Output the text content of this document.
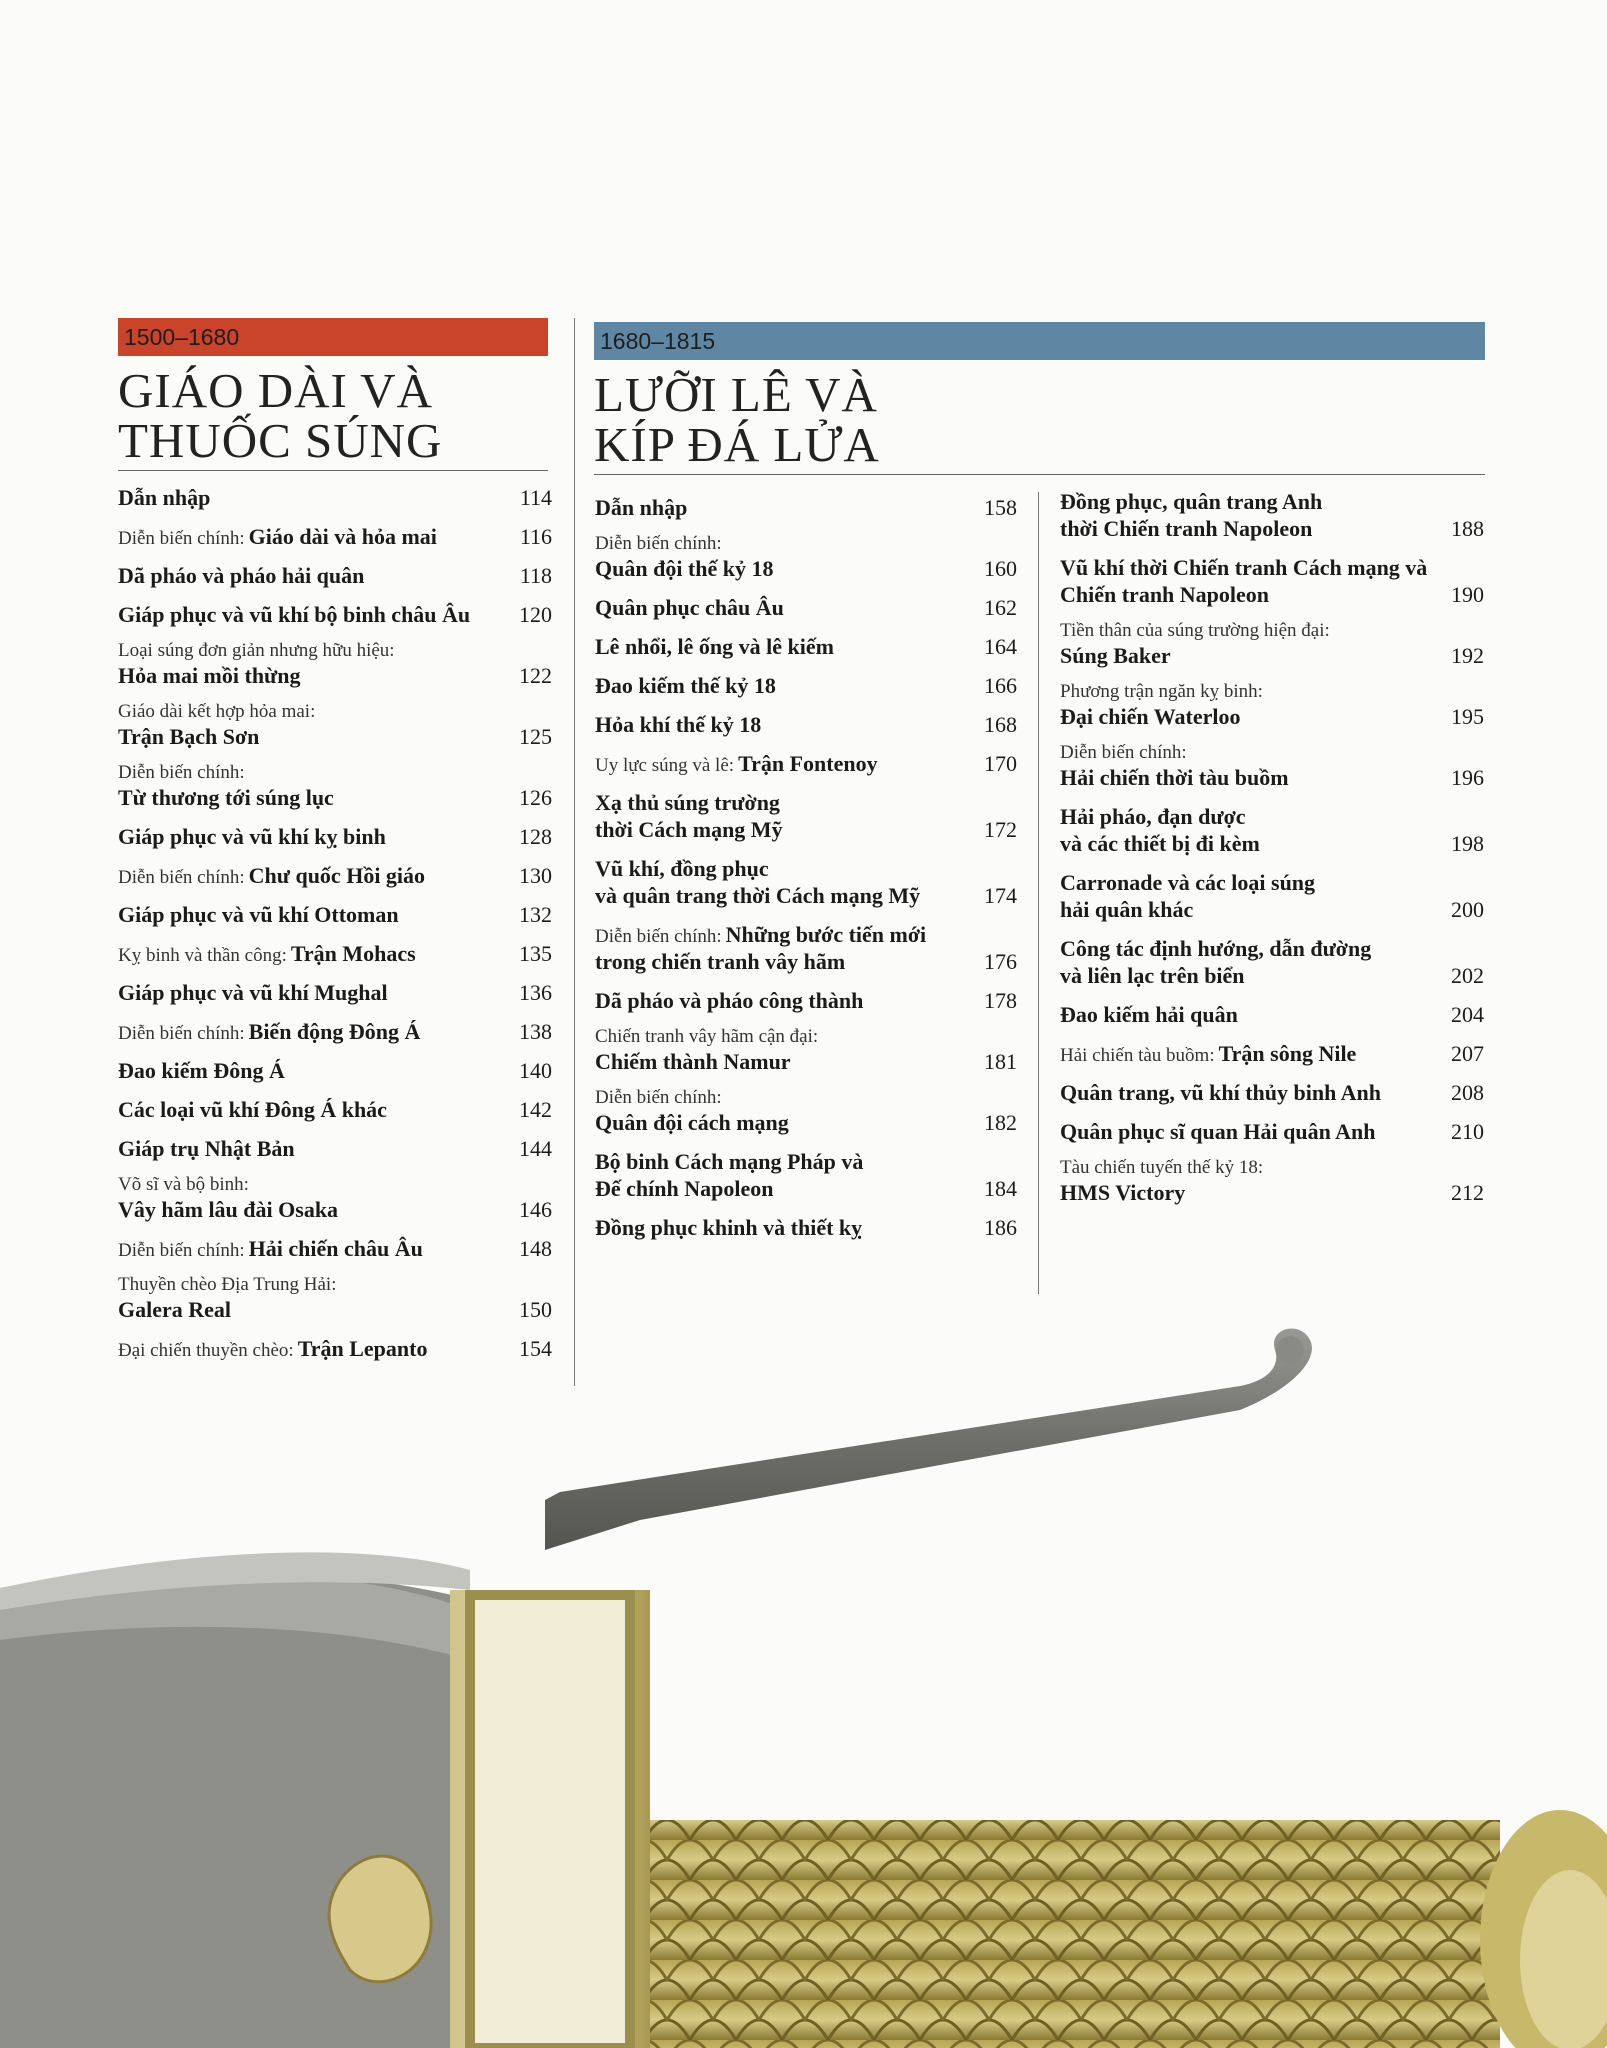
1500–1680
GIÁO DÀI VÀ
THUỐC SÚNG
1680–1815
LƯỠI LÊ VÀ
KÍP ĐÁ LỬA
Dẫn nhập	114
Diễn biến chính: Giáo dài và hỏa mai	116
Dã pháo và pháo hải quân	118
Giáp phục và vũ khí bộ binh châu Âu	120
Loại súng đơn giản nhưng hữu hiệu:
Hỏa mai mồi thừng	122
Giáo dài kết hợp hỏa mai:
Trận Bạch Sơn	125
Diễn biến chính:
Từ thương tới súng lục	126
Giáp phục và vũ khí kỵ binh	128
Diễn biến chính: Chư quốc Hồi giáo	130
Giáp phục và vũ khí Ottoman	132
Kỵ binh và thần công: Trận Mohacs	135
Giáp phục và vũ khí Mughal	136
Diễn biến chính: Biến động Đông Á	138
Đao kiếm Đông Á	140
Các loại vũ khí Đông Á khác	142
Giáp trụ Nhật Bản	144
Võ sĩ và bộ binh:
Vây hãm lâu đài Osaka	146
Diễn biến chính: Hải chiến châu Âu	148
Thuyền chèo Địa Trung Hải:
Galera Real	150
Đại chiến thuyền chèo: Trận Lepanto	154
Dẫn nhập	158
Diễn biến chính:
Quân đội thế kỷ 18	160
Quân phục châu Âu	162
Lê nhổi, lê ống và lê kiếm	164
Đao kiếm thế kỷ 18	166
Hỏa khí thế kỷ 18	168
Uy lực súng và lê: Trận Fontenoy	170
Xạ thủ súng trường
thời Cách mạng Mỹ	172
Vũ khí, đồng phục
và quân trang thời Cách mạng Mỹ	174
Diễn biến chính: Những bước tiến mới
trong chiến tranh vây hãm	176
Dã pháo và pháo công thành	178
Chiến tranh vây hãm cận đại:
Chiếm thành Namur	181
Diễn biến chính:
Quân đội cách mạng	182
Bộ binh Cách mạng Pháp và
Đế chính Napoleon	184
Đồng phục khinh và thiết kỵ	186
Đồng phục, quân trang Anh
thời Chiến tranh Napoleon	188
Vũ khí thời Chiến tranh Cách mạng và
Chiến tranh Napoleon	190
Tiền thân của súng trường hiện đại:
Súng Baker	192
Phương trận ngăn kỵ binh:
Đại chiến Waterloo	195
Diễn biến chính:
Hải chiến thời tàu buồm	196
Hải pháo, đạn dược
và các thiết bị đi kèm	198
Carronade và các loại súng
hải quân khác	200
Công tác định hướng, dẫn đường
và liên lạc trên biển	202
Đao kiếm hải quân	204
Hải chiến tàu buồm: Trận sông Nile	207
Quân trang, vũ khí thủy binh Anh	208
Quân phục sĩ quan Hải quân Anh	210
Tàu chiến tuyến thế kỷ 18:
HMS Victory	212
